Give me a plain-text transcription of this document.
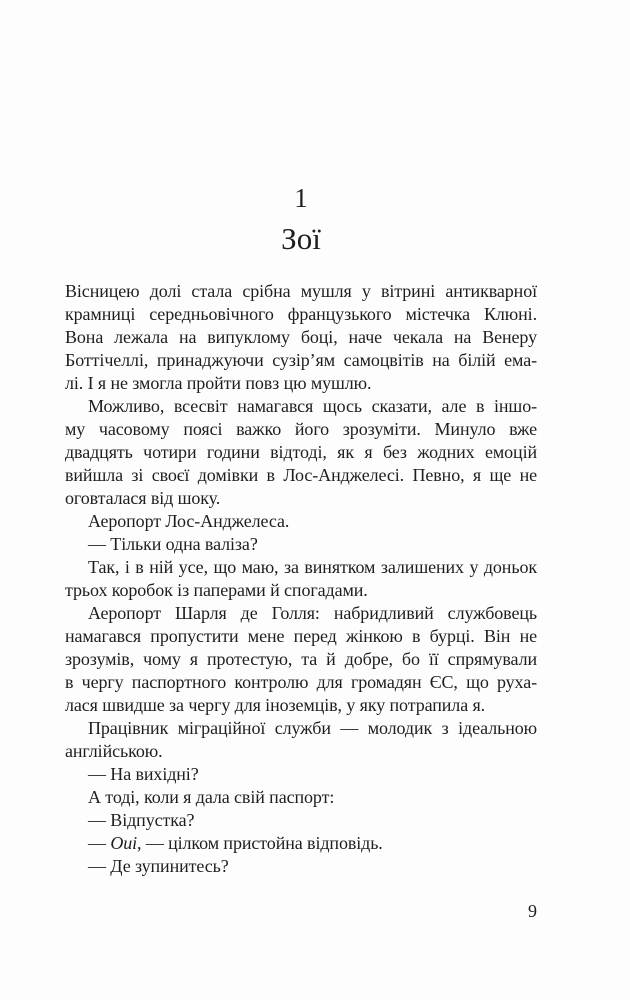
1
Зої
Вісницею долі стала срібна мушля у вітрині антикварної
крамниці середньовічного французького містечка Клюні.
Вона лежала на випуклому боці, наче чекала на Венеру
Боттічеллі, принаджуючи сузір’ям самоцвітів на білій ема-
лі. І я не змогла пройти повз цю мушлю.
Можливо, всесвіт намагався щось сказати, але в іншо-
му часовому поясі важко його зрозуміти. Минуло вже
двадцять чотири години відтоді, як я без жодних емоцій
вийшла зі своєї домівки в Лос-Анджелесі. Певно, я ще не
оговталася від шоку.
Аеропорт Лос-Анджелеса.
— Тільки одна валіза?
Так, і в ній усе, що маю, за винятком залишених у доньок
трьох коробок із паперами й спогадами.
Аеропорт Шарля де Голля: набридливий службовець
намагався пропустити мене перед жінкою в бурці. Він не
зрозумів, чому я протестую, та й добре, бо її спрямували
в чергу паспортного контролю для громадян ЄС, що руха-
лася швидше за чергу для іноземців, у яку потрапила я.
Працівник міграційної служби — молодик з ідеальною
англійською.
— На вихідні?
А тоді, коли я дала свій паспорт:
— Відпустка?
— Oui, — цілком пристойна відповідь.
— Де зупинитесь?
9
